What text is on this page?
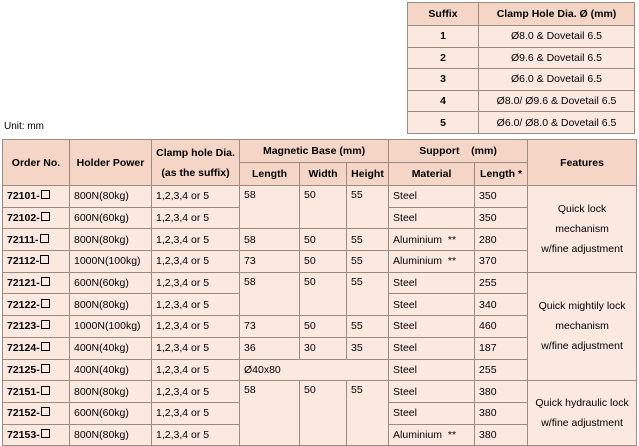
Suffix	Clamp Hole Dia. Ø (mm)
1	Ø8.0 & Dovetail 6.5
2	Ø9.6 & Dovetail 6.5
3	Ø6.0 & Dovetail 6.5
4	Ø8.0/ Ø9.6 & Dovetail 6.5
5	Ø6.0/ Ø8.0 & Dovetail 6.5
Unit: mm
Order No.	Holder Power	Clamp hole Dia.
(as the suffix)	Magnetic Base (mm)			Support    (mm)		Features
			Length	Width	Height	Material	Length *	
72101-	800N(80kg)	1,2,3,4 or 5	58	50	55	Steel	350	Quick lock
mechanism
w/fine adjustment
72102-	600N(60kg)	1,2,3,4 or 5				Steel	350	
72111-	800N(80kg)	1,2,3,4 or 5	58	50	55	Aluminium  **	280	
72112-	1000N(100kg)	1,2,3,4 or 5	73	50	55	Aluminium  **	370	
72121-	600N(60kg)	1,2,3,4 or 5	58	50	55	Steel	255	Quick mightily lock
mechanism
w/fine adjustment
72122-	800N(80kg)	1,2,3,4 or 5				Steel	340	
72123-	1000N(100kg)	1,2,3,4 or 5	73	50	55	Steel	460	
72124-	400N(40kg)	1,2,3,4 or 5	36	30	35	Steel	187	
72125-	400N(40kg)	1,2,3,4 or 5	Ø40x80			Steel	255	
72151-	800N(80kg)	1,2,3,4 or 5	58	50	55	Steel	380	Quick hydraulic lock
w/fine adjustment
72152-	600N(60kg)	1,2,3,4 or 5				Steel	380	
72153-	800N(80kg)	1,2,3,4 or 5				Aluminium  **	380	
